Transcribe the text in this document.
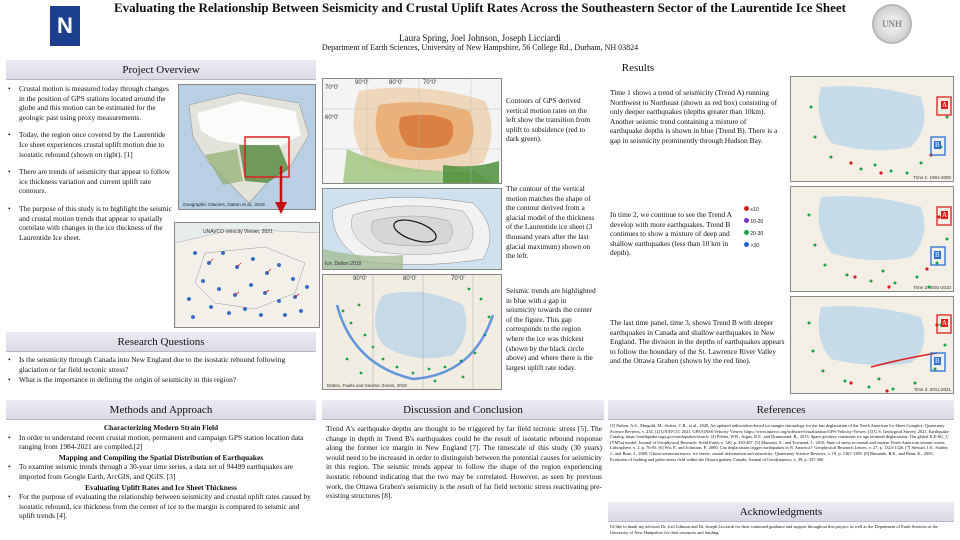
N
Evaluating the Relationship Between Seismicity and Crustal Uplift Rates Across the Southeastern Sector of the Laurentide Ice Sheet
Laura Spring, Joel Johnson, Joseph Licciardi
Department of Earth Sciences, University of New Hampshire, 56 College Rd., Durham, NH 03824
UNH
Project Overview
• Crustal motion is measured today through changes in the position of GPS stations located around the globe and this motion can be estimated for the geologic past using proxy measurements.
• Today, the region once covered by the Laurentide Ice sheet experiences crustal uplift motion due to isostatic rebound (shown on right). [1]
• There are trends of seismicity that appear to follow ice thickness variation and current uplift rate contours.
• The purpose of this study is to highlight the seismic and crustal motion trends that appear to spatially correlate with changes in the ice thickness of the Laurentide Ice sheet.
Geographic Glaciers, Dalton et al., 2019
UNAVCO Velocity Viewer, 2021
Research Questions
• Is the seismicity through Canada into New England due to the isostatic rebound following glaciation or far field tectonic stress?
• What is the importance in defining the origin of seismicity in this region?
Methods and Approach
Characterizing Modern Strain Field
• In order to understand recent crustal motion, permanent and campaign GPS station location data ranging from 1984-2021 are compiled.[2]
Mapping and Compiling the Spatial Distribution of Earthquakes
• To examine seismic trends through a 30-year time series, a data set of 94499 earthquakes are imported from Google Earth, ArcGIS, and QGIS. [3]
Evaluating Uplift Rates and Ice Sheet Thickness
• For the purpose of evaluating the relationship between seismicity and crustal uplift rates caused by isostatic rebound, ice thickness from the center of ice to the margin is compared to seismic and uplift trends [4].
90°0'	80°0'	70°0'
70°0'
60°0'
Ice, Dalton 2019
90°0'	80°0'	70°0'
Dalton, Faults and Seismic Zones, 2019
Contours of GPS derived vertical motion rates on the left show the transition from uplift to subsidence (red to dark green).
The contour of the vertical motion matches the shape of the contour derived from a glacial model of the thickness of the Laurentide ice sheet (3 thousand years after the last glacial maximum) shown on the left.
Seismic trends are highlighted in blue with a gap in seismicity towards the center of the figure. This gap corresponds to the region where the ice was thickest (shown by the black circle above) and where there is the largest uplift rate today.
Results
Time 1 shows a trend of seismicity (Trend A) running Northwest to Northeast (shown as red box) consisting of only deeper earthquakes (depths greater than 10km). Another seismic trend containing a mixture of earthquake depths is shown in blue (Trend B). There is a gap in seismicity prominently through Hudson Bay.
In time 2, we continue to see the Trend A develop with more earthquakes. Trend B continues to show a mixture of deep and shallow earthquakes (less than 10 km in depth).
The last time panel, time 3, shows Trend B with deeper earthquakes in Canada and shallow earthquakes in New England. The division in the depths of earthquakes appears to follow the boundary of the St. Lawrence River Valley and the Ottawa Graben (shown by the red line).
≤10
10-20
20-30
>30
A
B
Time 1: 1991-2000
A
B
Time 2: 2001-2010
A
B
Time 3: 2011-2021
Discussion and Conclusion
Trend A's earthquake depths are thought to be triggered by far field tectonic stress [5]. The change in depth in Trend B's earthquakes could be the result of isostatic rebound response along the former ice margin in New England [7]. The timescale of this study (30 years) would need to be increased in order to distinguish between the potential causes for seismicity in this region. The seismic trends appear to follow the shape of the region experiencing isostatic rebound indicating that the two may be correlated. However, as seen by previous work, the Ottawa Graben's seismicity is the result of far field tectonic stress reactivating pre-existing structures [8].
References
[1] Dalton, A.S., Margold, M., Stokes, C.R., et al., 2020, An updated radiocarbon-based ice margin chronology for the last deglaciation of the North American Ice Sheet Complex: Quaternary Science Reviews, v. 234. [2] UNAVCO, 2021, GPS/GNSS Velocity Viewer, https://www.unavco.org/software/visualization/GPS-Velocity-Viewer. [3] U.S. Geological Survey, 2021, Earthquake Catalog, https://earthquake.usgs.gov/earthquakes/search. [4] Peltier, W.R., Argus, D.F., and Drummond, R., 2015, Space geodesy constrains ice age terminal deglaciation: The global ICE-6G_C (VM5a) model: Journal of Geophysical Research: Solid Earth, v. 120, p. 450-487. [5] Mazzotti, S., and Townend, J., 2010, State of stress in central and eastern North American seismic zones: Lithosphere, v. 2, p. 76-83. [6] Wu, P., and Johnston, P., 2000, Can deglaciation trigger earthquakes in N. America?: Geophysical Research Letters, v. 27, p. 1323-1326. [7] Stewart, I.S., Sauber, J., and Rose, J., 2000, Glacio-seismotectonics: ice sheets, crustal deformation and seismicity: Quaternary Science Reviews, v. 19, p. 1367-1389. [8] Rimando, R.E., and Benn, K., 2005, Evolution of faulting and paleo-stress field within the Ottawa graben, Canada: Journal of Geodynamics, v. 39, p. 337-360.
Acknowledgments
I'd like to thank my advisors Dr. Joel Johnson and Dr. Joseph Licciardi for their continued guidance and support throughout this project, as well as the Department of Earth Sciences at the University of New Hampshire for their resources and funding.
